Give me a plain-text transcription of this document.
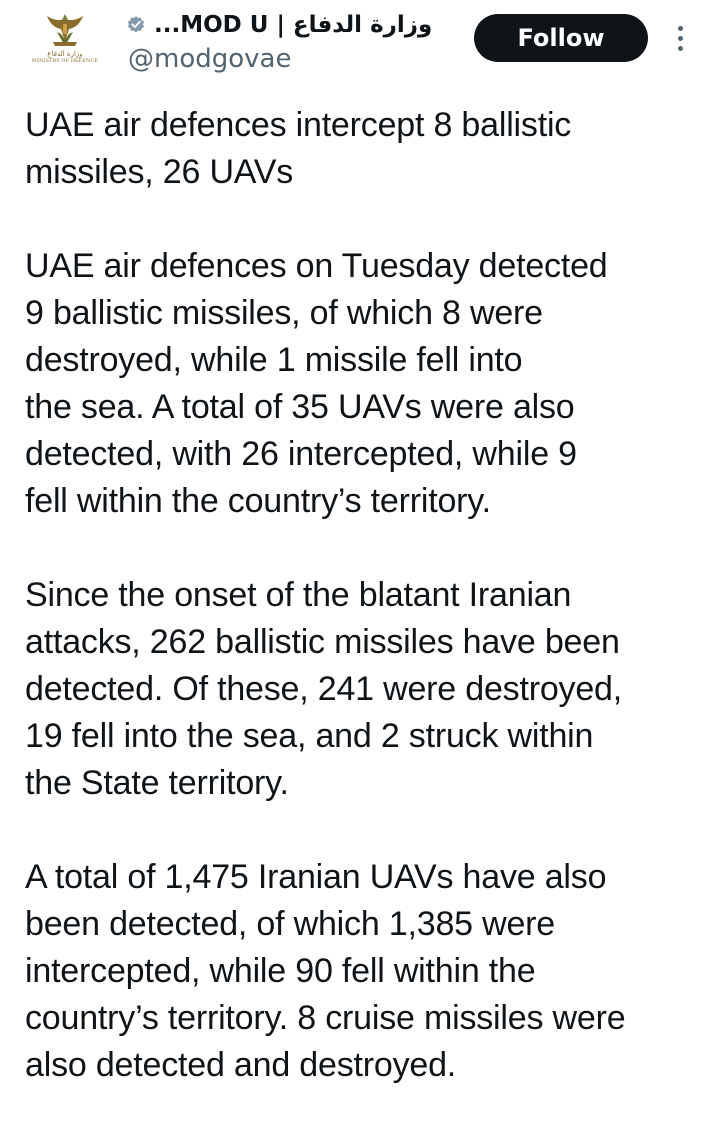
وزارة الدفاع
MINISTRY OF DEFENCE
وزارة الدفاع | MOD U...
@modgovae
Follow

UAE air defences intercept 8 ballistic
missiles, 26 UAVs

UAE air defences on Tuesday detected
9 ballistic missiles, of which 8 were
destroyed, while 1 missile fell into
the sea. A total of 35 UAVs were also
detected, with 26 intercepted, while 9
fell within the country’s territory.

Since the onset of the blatant Iranian
attacks, 262 ballistic missiles have been
detected. Of these, 241 were destroyed,
19 fell into the sea, and 2 struck within
the State territory.

A total of 1,475 Iranian UAVs have also
been detected, of which 1,385 were
intercepted, while 90 fell within the
country’s territory. 8 cruise missiles were
also detected and destroyed.
